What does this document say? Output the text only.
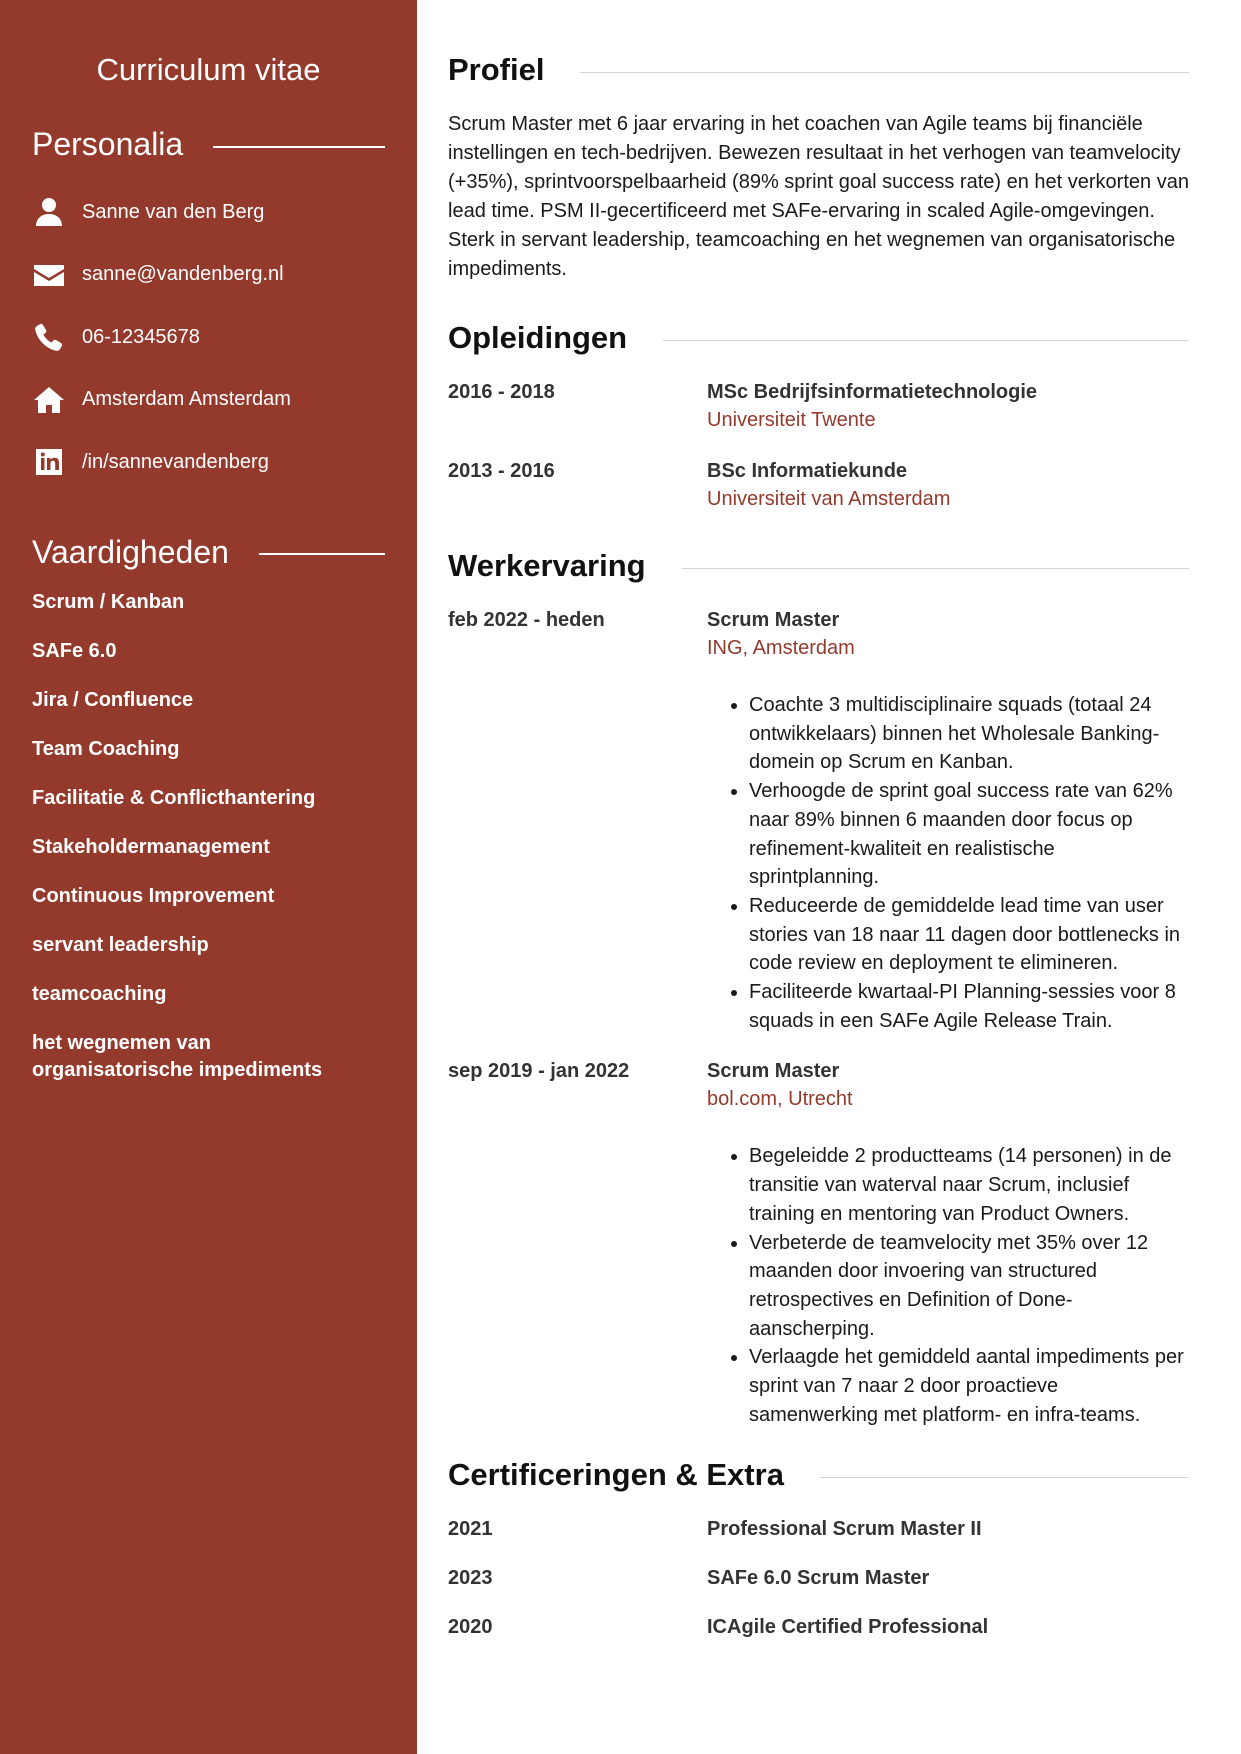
Curriculum vitae
Personalia
Sanne van den Berg
sanne@vandenberg.nl
06-12345678
Amsterdam Amsterdam
/in/sannevandenberg
Vaardigheden
Scrum / Kanban
SAFe 6.0
Jira / Confluence
Team Coaching
Facilitatie & Conflicthantering
Stakeholdermanagement
Continuous Improvement
servant leadership
teamcoaching
het wegnemen van organisatorische impediments
Profiel

Scrum Master met 6 jaar ervaring in het coachen van Agile teams bij financiële instellingen en tech-bedrijven. Bewezen resultaat in het verhogen van teamvelocity (+35%), sprintvoorspelbaarheid (89% sprint goal success rate) en het verkorten van lead time. PSM II-gecertificeerd met SAFe-ervaring in scaled Agile-omgevingen. Sterk in servant leadership, teamcoaching en het wegnemen van organisatorische impediments.

Opleidingen
2016 - 2018	MSc Bedrijfsinformatietechnologie
Universiteit Twente
2013 - 2016	BSc Informatiekunde
Universiteit van Amsterdam
Werkervaring
feb 2022 - heden	Scrum Master
ING, Amsterdam
• Coachte 3 multidisciplinaire squads (totaal 24 ontwikkelaars) binnen het Wholesale Banking-domein op Scrum en Kanban.
• Verhoogde de sprint goal success rate van 62% naar 89% binnen 6 maanden door focus op refinement-kwaliteit en realistische sprintplanning.
• Reduceerde de gemiddelde lead time van user stories van 18 naar 11 dagen door bottlenecks in code review en deployment te elimineren.
• Faciliteerde kwartaal-PI Planning-sessies voor 8 squads in een SAFe Agile Release Train.
sep 2019 - jan 2022	Scrum Master
bol.com, Utrecht
• Begeleidde 2 productteams (14 personen) in de transitie van waterval naar Scrum, inclusief training en mentoring van Product Owners.
• Verbeterde de teamvelocity met 35% over 12 maanden door invoering van structured retrospectives en Definition of Done-aanscherping.
• Verlaagde het gemiddeld aantal impediments per sprint van 7 naar 2 door proactieve samenwerking met platform- en infra-teams.
Certificeringen & Extra
2021	Professional Scrum Master II
2023	SAFe 6.0 Scrum Master
2020	ICAgile Certified Professional
